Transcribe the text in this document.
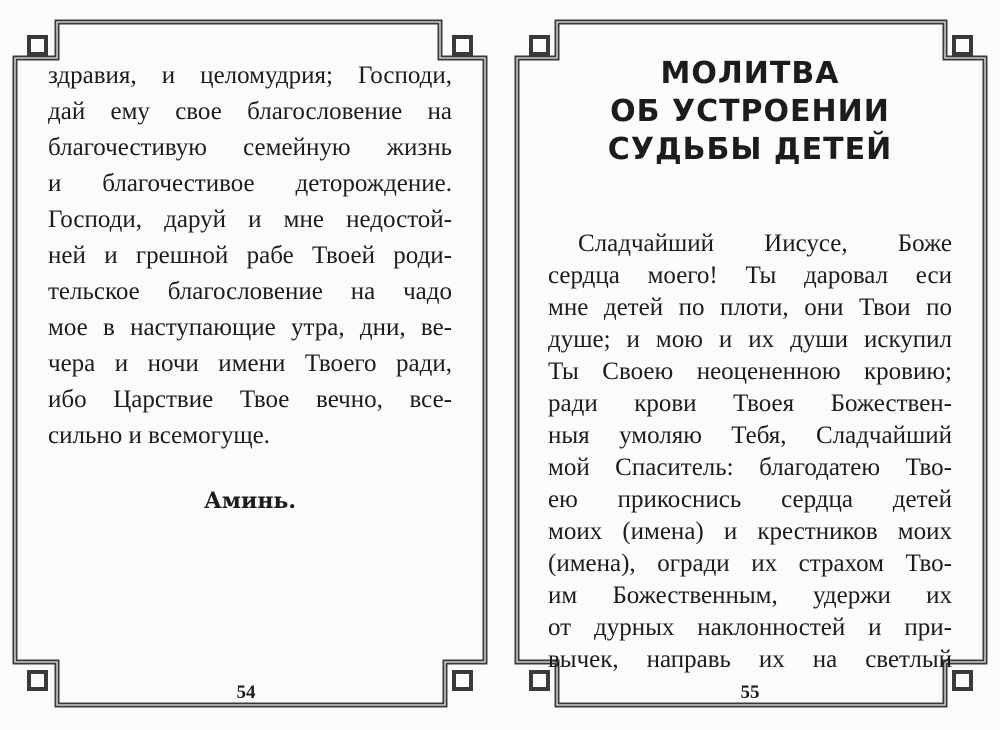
здравия, и целомудрия; Господи,
дай ему свое благословение на
благочестивую семейную жизнь
и благочестивое деторождение.
Господи, даруй и мне недостой-
ней и грешной рабе Твоей роди-
тельское благословение на чадо
мое в наступающие утра, дни, ве-
чера и ночи имени Твоего ради,
ибо Царствие Твое вечно, все-
сильно и всемогуще.
Аминь.
54
МОЛИТВА
ОБ УСТРОЕНИИ
СУДЬБЫ ДЕТЕЙ
Сладчайший Иисусе, Боже
сердца моего! Ты даровал еси
мне детей по плоти, они Твои по
душе; и мою и их души искупил
Ты Своею неоцененною кровию;
ради крови Твоея Божествен-
ныя умоляю Тебя, Сладчайший
мой Спаситель: благодатею Тво-
ею прикоснись сердца детей
моих (имена) и крестников моих
(имена), огради их страхом Тво-
им Божественным, удержи их
от дурных наклонностей и при-
вычек, направь их на светлый
55
